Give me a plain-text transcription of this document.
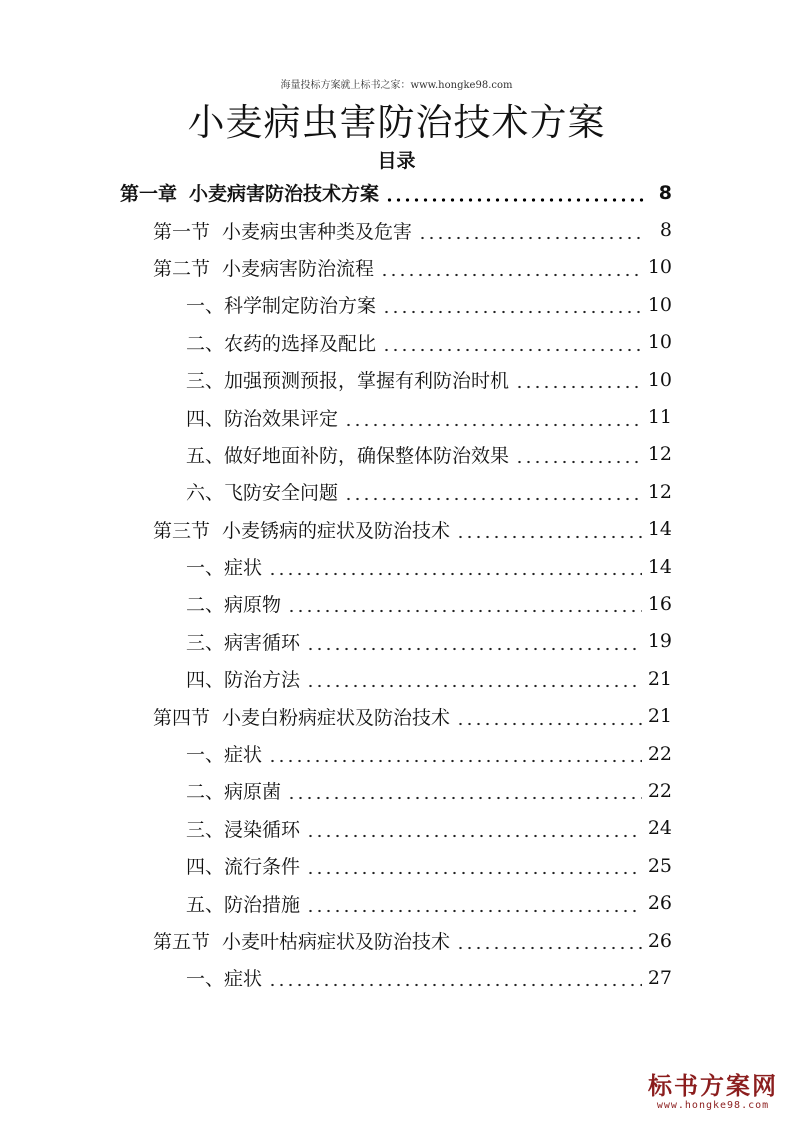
海量投标方案就上标书之家：www.hongke98.com
小麦病虫害防治技术方案
目录
第一章 小麦病害防治技术方案	8
第一节 小麦病虫害种类及危害	8
第二节 小麦病害防治流程	10
一、科学制定防治方案	10
二、农药的选择及配比	10
三、加强预测预报，掌握有利防治时机	10
四、防治效果评定	11
五、做好地面补防，确保整体防治效果	12
六、飞防安全问题	12
第三节 小麦锈病的症状及防治技术	14
一、症状	14
二、病原物	16
三、病害循环	19
四、防治方法	21
第四节 小麦白粉病症状及防治技术	21
一、症状	22
二、病原菌	22
三、浸染循环	24
四、流行条件	25
五、防治措施	26
第五节 小麦叶枯病症状及防治技术	26
一、症状	27
标书方案网
www.hongke98.com
